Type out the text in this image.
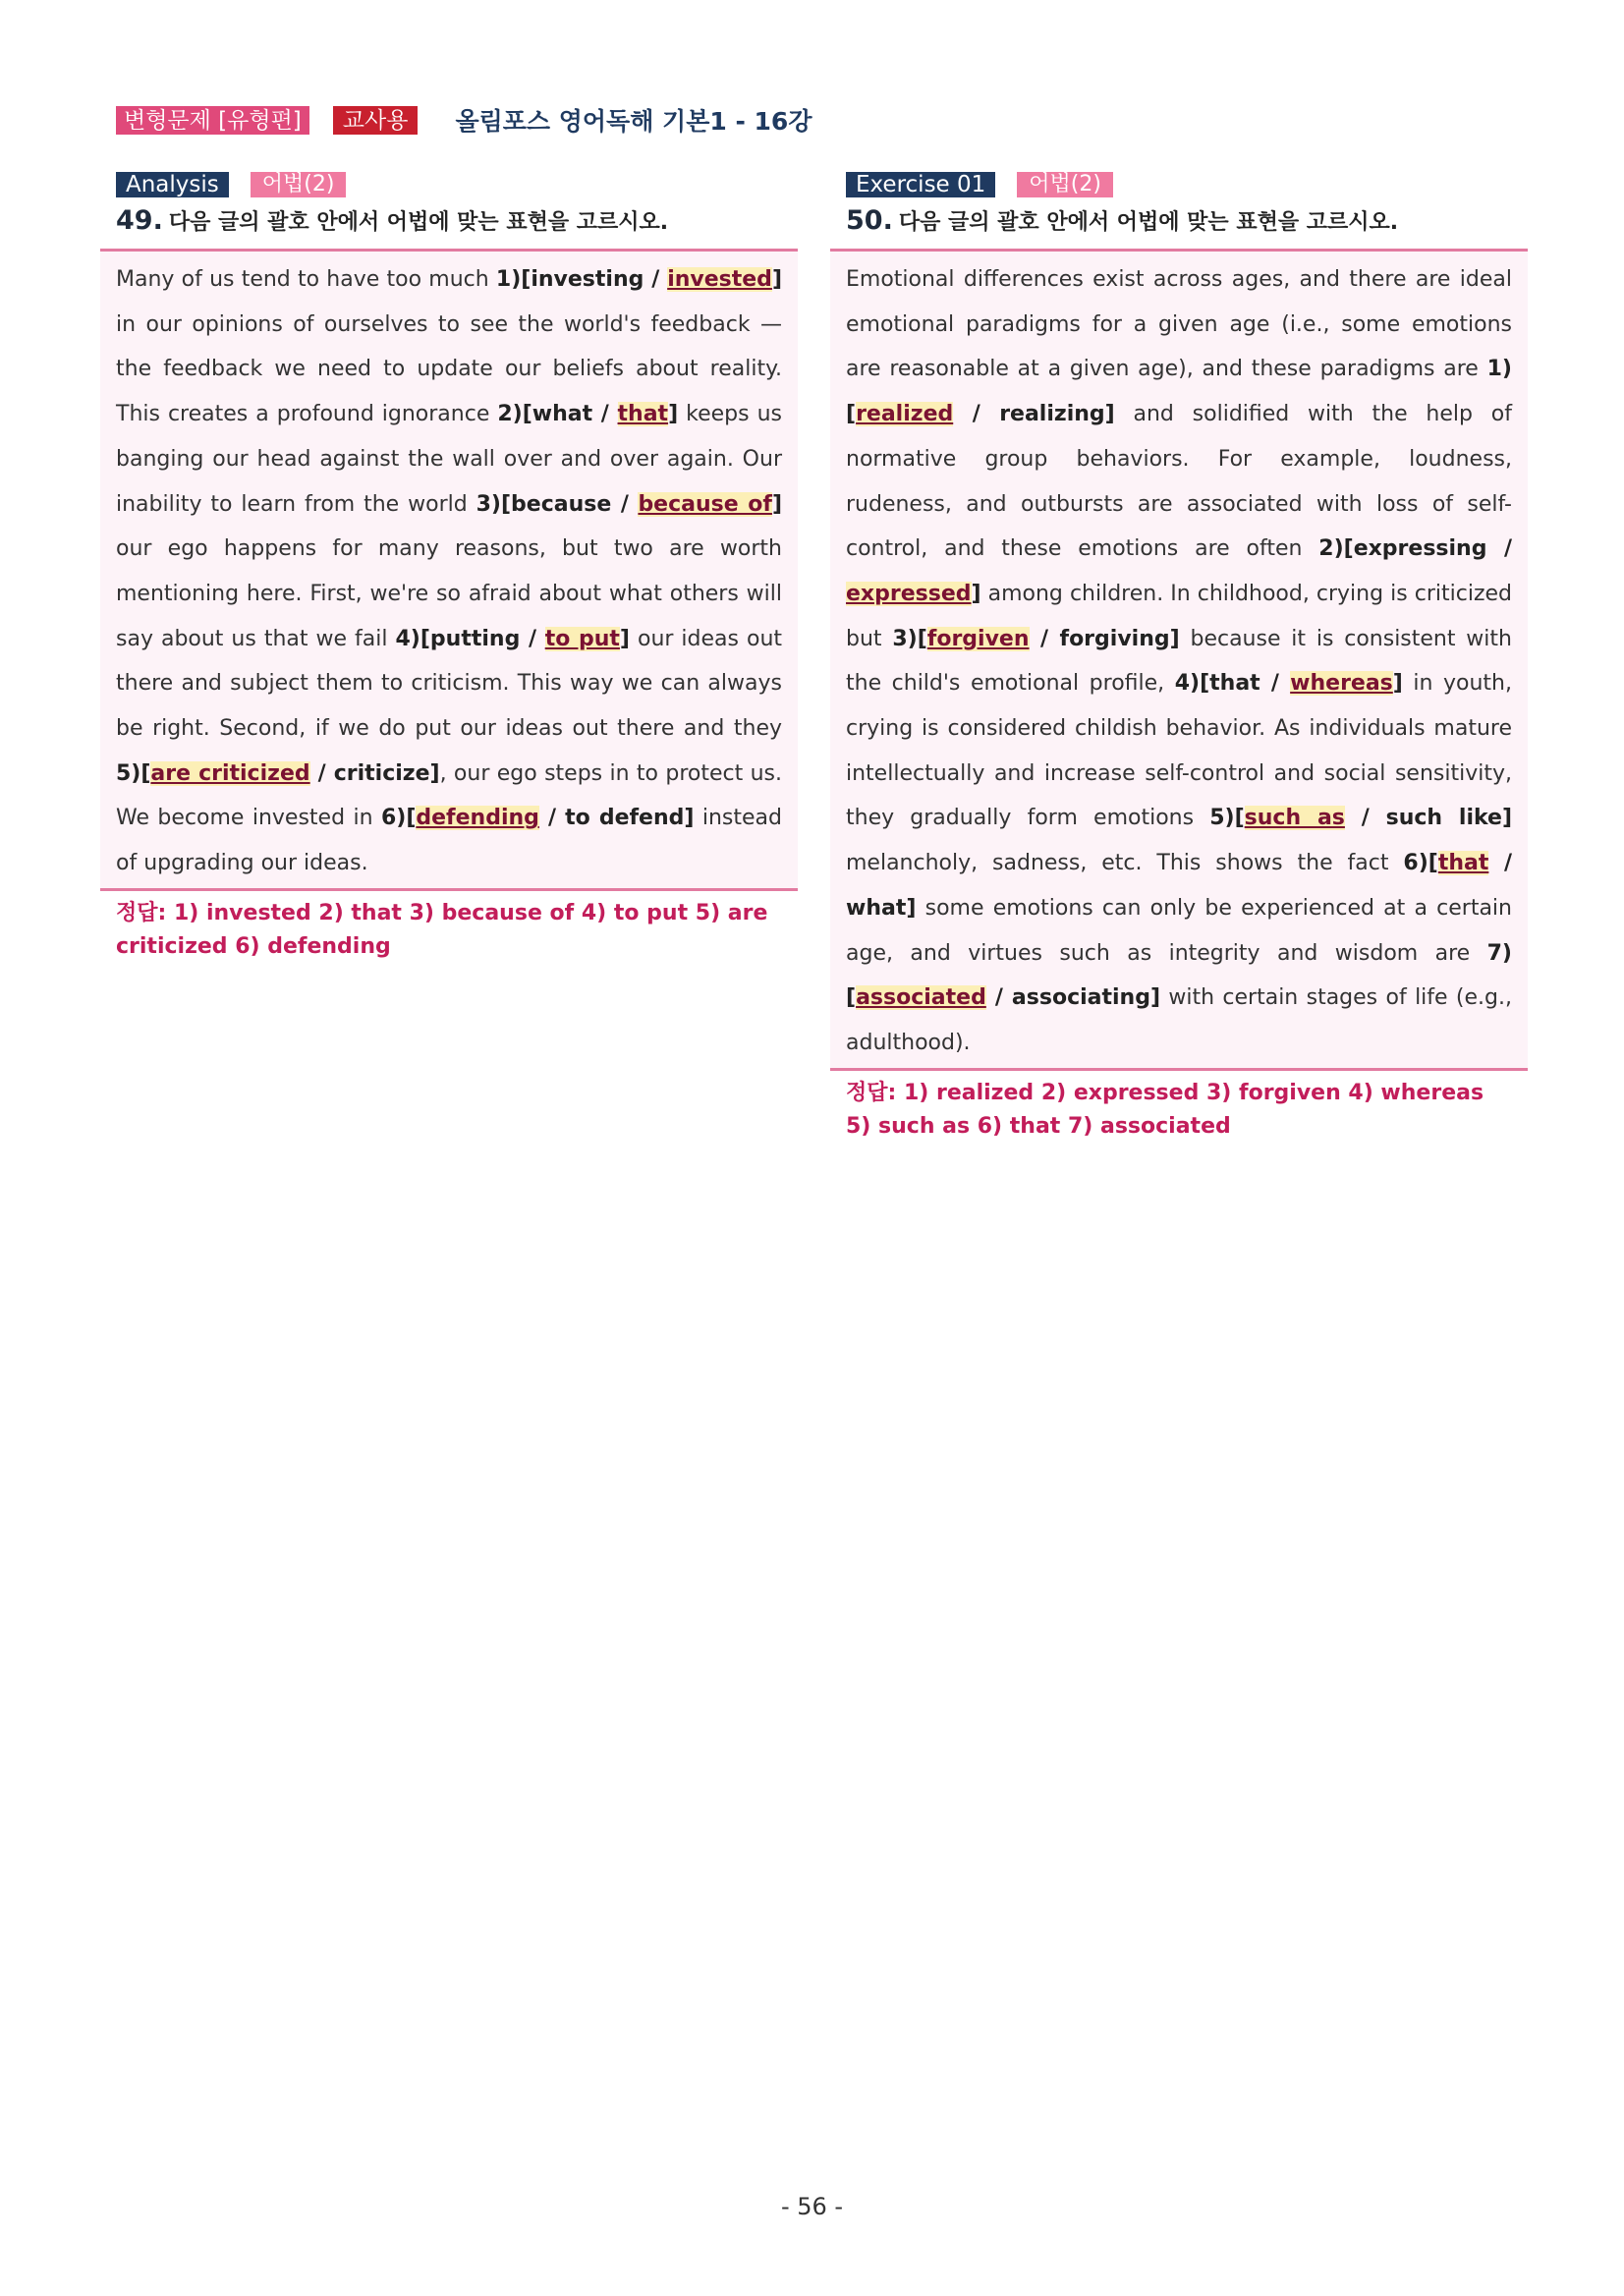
변형문제 [유형편]	교사용	올림포스 영어독해 기본1 - 16강
Analysis	어법(2)
49. 다음 글의 괄호 안에서 어법에 맞는 표현을 고르시오.

Many of us tend to have too much 1)[investing / invested] in our opinions of ourselves to see the world's feedback — the feedback we need to update our beliefs about reality. This creates a profound ignorance 2)[what / that] keeps us banging our head against the wall over and over again. Our inability to learn from the world 3)[because / because of] our ego happens for many reasons, but two are worth mentioning here. First, we're so afraid about what others will say about us that we fail 4)[putting / to put] our ideas out there and subject them to criticism. This way we can always be right. Second, if we do put our ideas out there and they 5)[are criticized / criticize], our ego steps in to protect us. We become invested in 6)[defending / to defend] instead of upgrading our ideas.

정답: 1) invested 2) that 3) because of 4) to put 5) are criticized 6) defending
Exercise 01	어법(2)
50. 다음 글의 괄호 안에서 어법에 맞는 표현을 고르시오.

Emotional differences exist across ages, and there are ideal emotional paradigms for a given age (i.e., some emotions are reasonable at a given age), and these paradigms are 1)[realized / realizing] and solidified with the help of normative group behaviors. For example, loudness, rudeness, and outbursts are associated with loss of self-control, and these emotions are often 2)[expressing / expressed] among children. In childhood, crying is criticized but 3)[forgiven / forgiving] because it is consistent with the child's emotional profile, 4)[that / whereas] in youth, crying is considered childish behavior. As individuals mature intellectually and increase self-control and social sensitivity, they gradually form emotions 5)[such as / such like] melancholy, sadness, etc. This shows the fact 6)[that / what] some emotions can only be experienced at a certain age, and virtues such as integrity and wisdom are 7)[associated / associating] with certain stages of life (e.g., adulthood).

정답: 1) realized 2) expressed 3) forgiven 4) whereas 5) such as 6) that 7) associated
- 56 -
